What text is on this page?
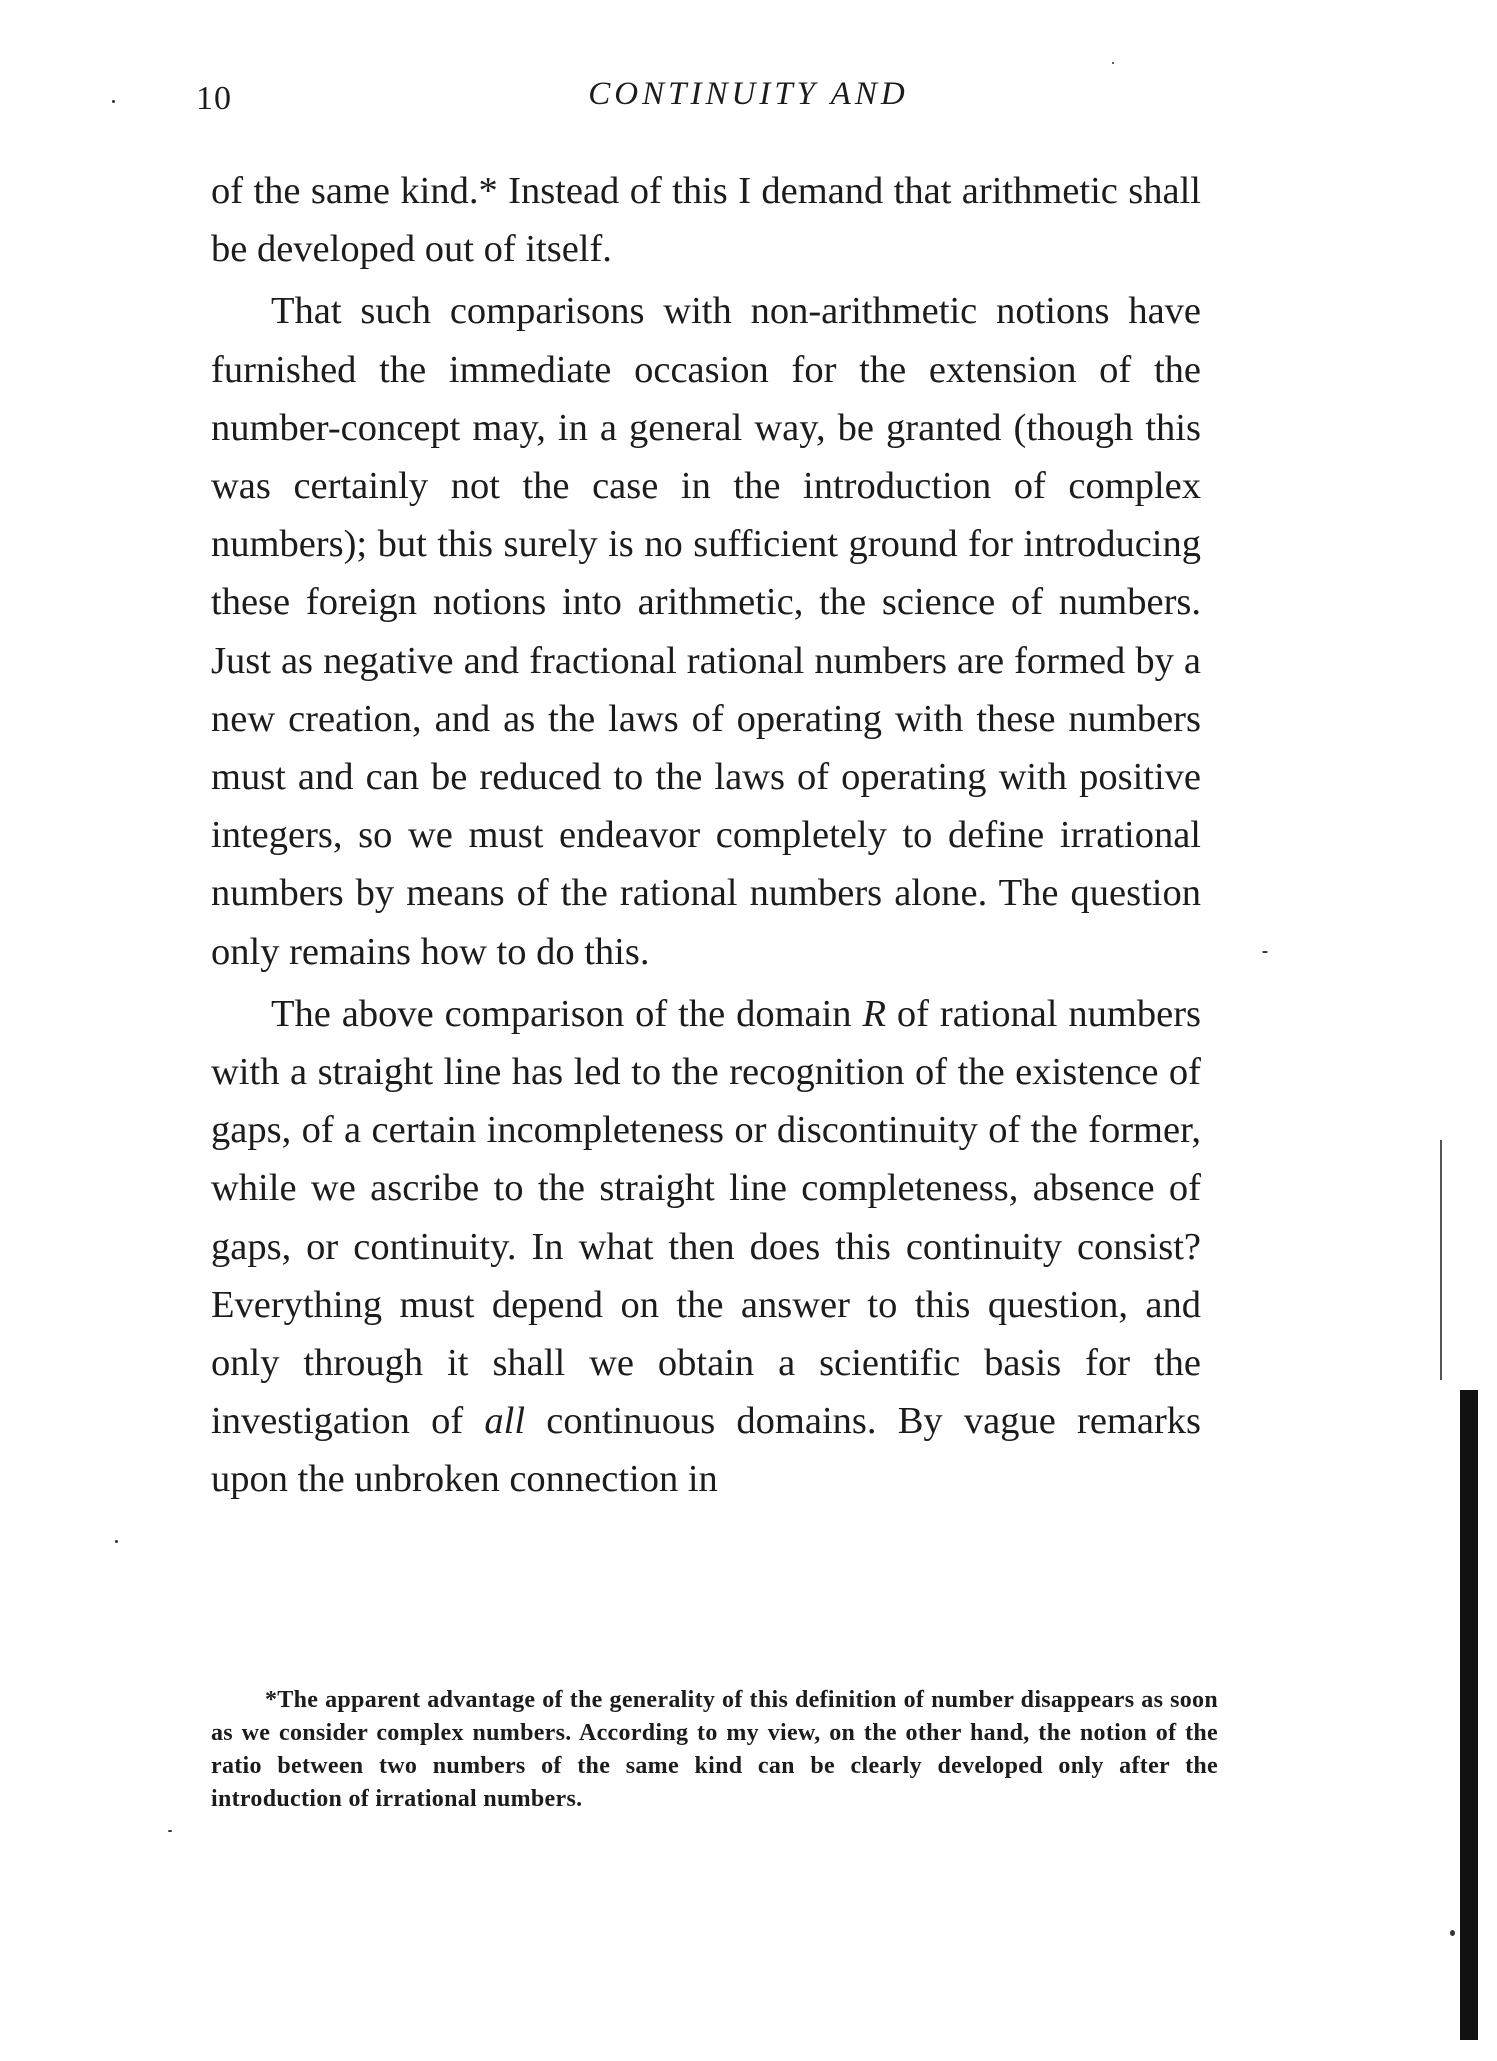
10	CONTINUITY AND

of the same kind.* Instead of this I demand that arithmetic shall be developed out of itself.

That such comparisons with non-arithmetic notions have furnished the immediate occasion for the extension of the number-concept may, in a general way, be granted (though this was certainly not the case in the introduction of complex numbers); but this surely is no sufficient ground for introducing these foreign notions into arithmetic, the science of numbers. Just as negative and fractional rational numbers are formed by a new creation, and as the laws of operating with these numbers must and can be reduced to the laws of operating with positive integers, so we must endeavor completely to define irrational numbers by means of the rational numbers alone. The question only remains how to do this.

The above comparison of the domain R of rational numbers with a straight line has led to the recognition of the existence of gaps, of a certain incompleteness or discontinuity of the former, while we ascribe to the straight line completeness, absence of gaps, or continuity. In what then does this continuity consist? Everything must depend on the answer to this question, and only through it shall we obtain a scientific basis for the investigation of all continuous domains. By vague remarks upon the unbroken connection in

*The apparent advantage of the generality of this definition of number disappears as soon as we consider complex numbers. According to my view, on the other hand, the notion of the ratio between two numbers of the same kind can be clearly developed only after the introduction of irrational numbers.
